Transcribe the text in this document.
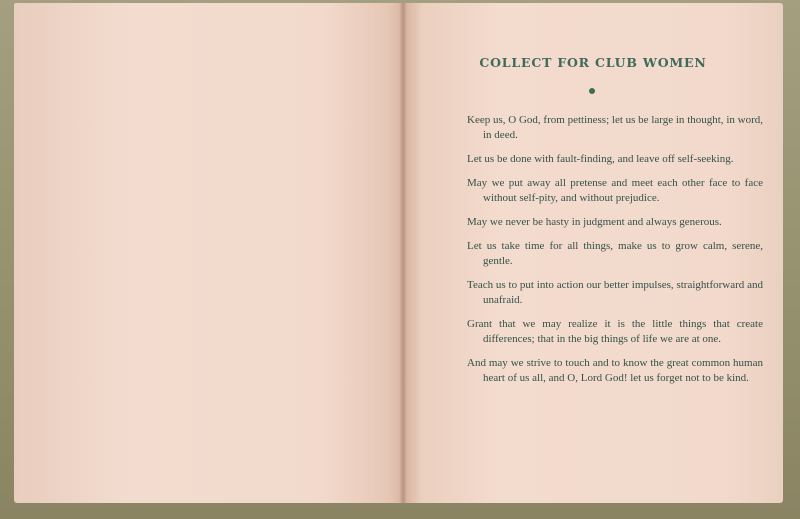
COLLECT FOR CLUB WOMEN

Keep us, O God, from pettiness; let us be large in thought, in word, in deed.

Let us be done with fault-finding, and leave off self-seeking.

May we put away all pretense and meet each other face to face without self-pity, and without prejudice.

May we never be hasty in judgment and always generous.

Let us take time for all things, make us to grow calm, serene, gentle.

Teach us to put into action our better impulses, straightforward and unafraid.

Grant that we may realize it is the little things that create differences; that in the big things of life we are at one.

And may we strive to touch and to know the great common human heart of us all, and O, Lord God! let us forget not to be kind.
